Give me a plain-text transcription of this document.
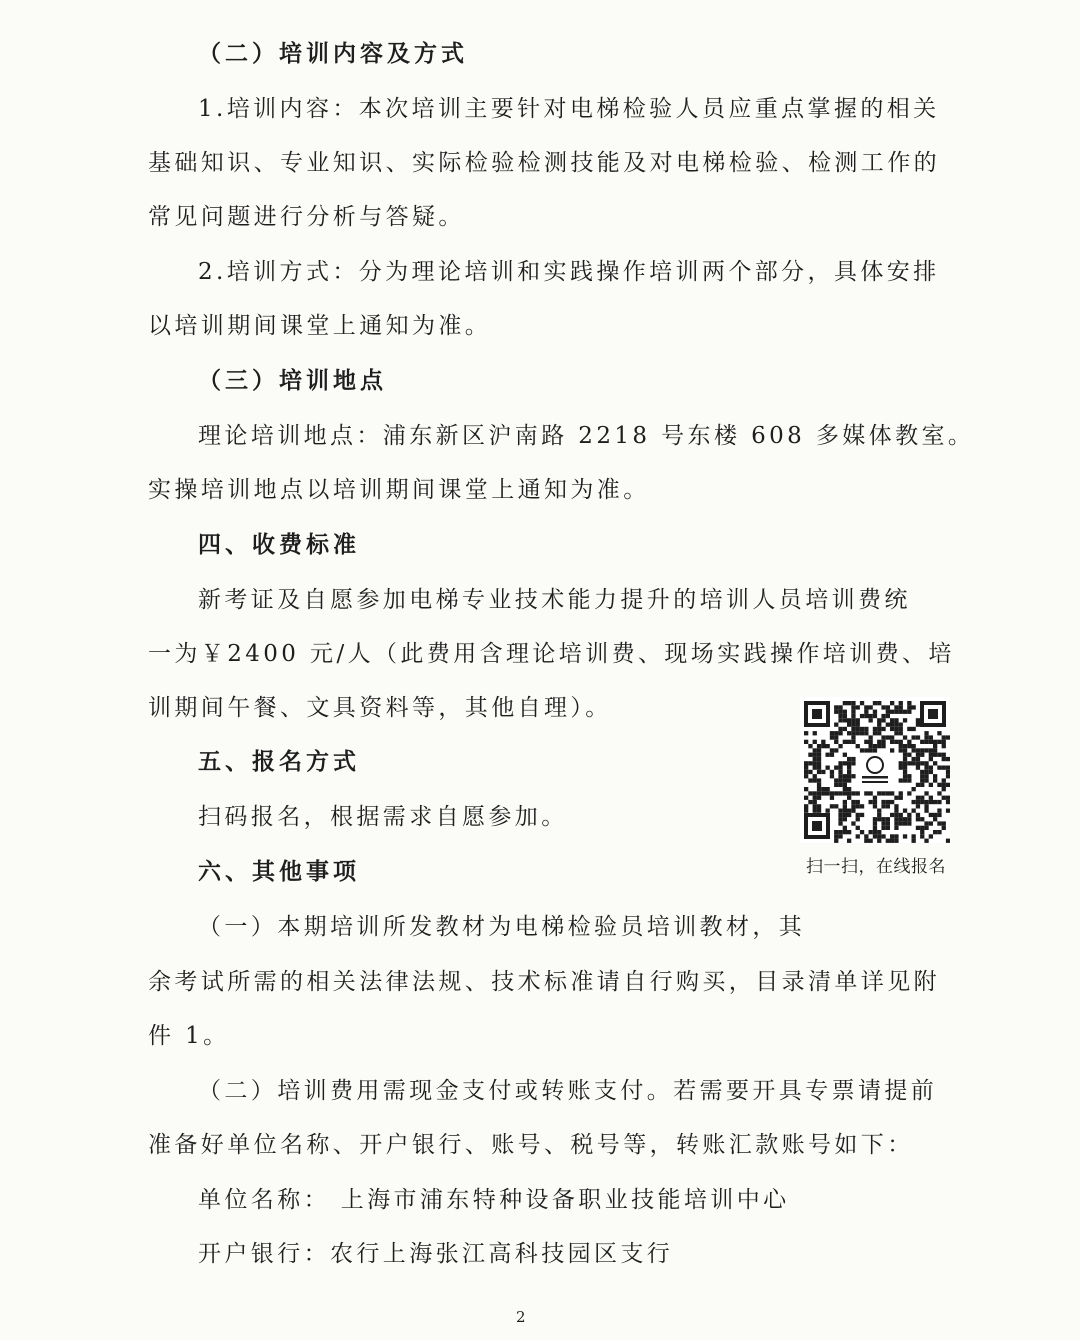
（二）培训内容及方式
1.培训内容：本次培训主要针对电梯检验人员应重点掌握的相关
基础知识、专业知识、实际检验检测技能及对电梯检验、检测工作的
常见问题进行分析与答疑。
2.培训方式：分为理论培训和实践操作培训两个部分，具体安排
以培训期间课堂上通知为准。
（三）培训地点
理论培训地点：浦东新区沪南路 2218 号东楼 608 多媒体教室。
实操培训地点以培训期间课堂上通知为准。
四、收费标准
新考证及自愿参加电梯专业技术能力提升的培训人员培训费统
一为￥2400 元/人（此费用含理论培训费、现场实践操作培训费、培
训期间午餐、文具资料等，其他自理）。
五、报名方式
扫码报名，根据需求自愿参加。
六、其他事项
（一）本期培训所发教材为电梯检验员培训教材，其
余考试所需的相关法律法规、技术标准请自行购买，目录清单详见附
件 1。
（二）培训费用需现金支付或转账支付。若需要开具专票请提前
准备好单位名称、开户银行、账号、税号等，转账汇款账号如下：
单位名称： 上海市浦东特种设备职业技能培训中心
开户银行：农行上海张江高科技园区支行
扫一扫，在线报名
2
